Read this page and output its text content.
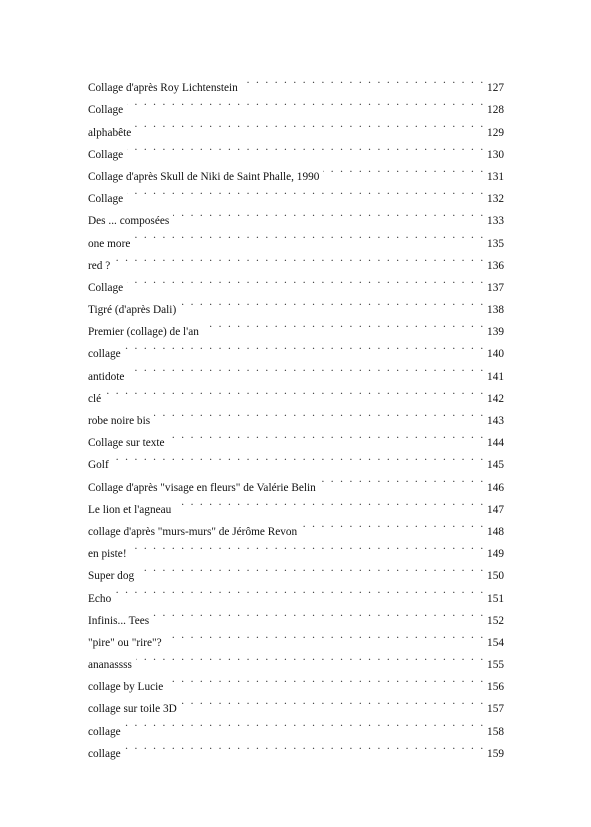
Collage d'après Roy Lichtenstein . . .	127
Collage . . .	128
alphabête . . .	129
Collage . . .	130
Collage d'après Skull de Niki de Saint Phalle, 1990 . . .	131
Collage . . .	132
Des ... composées . . .	133
one more . . .	135
red ? . . .	136
Collage . . .	137
Tigré (d'après Dali) . . .	138
Premier (collage) de l'an . . .	139
collage . . .	140
antidote . . .	141
clé . . .	142
robe noire bis . . .	143
Collage sur texte . . .	144
Golf . . .	145
Collage d'après "visage en fleurs" de Valérie Belin . . .	146
Le lion et l'agneau . . .	147
collage d'après "murs-murs" de Jérôme Revon . . .	148
en piste! . . .	149
Super dog . . .	150
Echo . . .	151
Infinis... Tees . . .	152
"pire" ou "rire"? . . .	154
ananassss . . .	155
collage by Lucie . . .	156
collage sur toile 3D . . .	157
collage . . .	158
collage . . .	159
